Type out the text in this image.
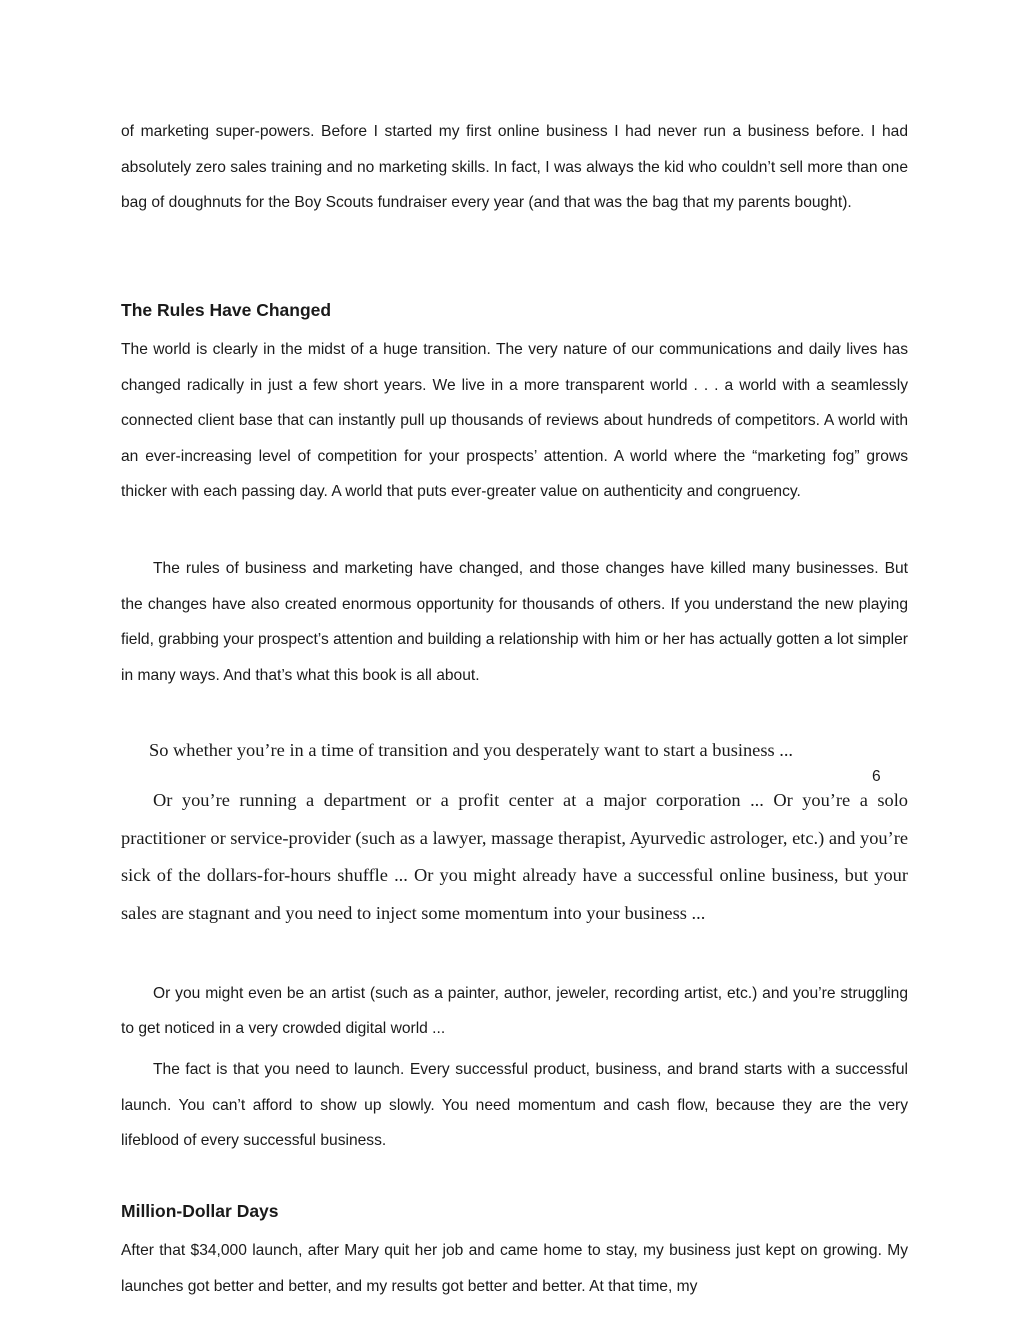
of marketing super-powers. Before I started my first online business I had never run a business before. I had absolutely zero sales training and no marketing skills. In fact, I was always the kid who couldn’t sell more than one bag of doughnuts for the Boy Scouts fundraiser every year (and that was the bag that my parents bought).

The Rules Have Changed

The world is clearly in the midst of a huge transition. The very nature of our communications and daily lives has changed radically in just a few short years. We live in a more transparent world . . . a world with a seamlessly connected client base that can instantly pull up thousands of reviews about hundreds of competitors. A world with an ever-increasing level of competition for your prospects’ attention. A world where the “marketing fog” grows thicker with each passing day. A world that puts ever-greater value on authenticity and congruency.

The rules of business and marketing have changed, and those changes have killed many businesses. But the changes have also created enormous opportunity for thousands of others. If you understand the new playing field, grabbing your prospect’s attention and building a relationship with him or her has actually gotten a lot simpler in many ways. And that’s what this book is all about.

So whether you’re in a time of transition and you desperately want to start a business ...

Or you’re running a department or a profit center at a major corporation ... Or you’re a solo practitioner or service-provider (such as a lawyer, massage therapist, Ayurvedic astrologer, etc.) and you’re sick of the dollars-for-hours shuffle ... Or you might already have a successful online business, but your sales are stagnant and you need to inject some momentum into your business ...

Or you might even be an artist (such as a painter, author, jeweler, recording artist, etc.) and you’re struggling to get noticed in a very crowded digital world ...

The fact is that you need to launch. Every successful product, business, and brand starts with a successful launch. You can’t afford to show up slowly. You need momentum and cash flow, because they are the very lifeblood of every successful business.

Million-Dollar Days

After that $34,000 launch, after Mary quit her job and came home to stay, my business just kept on growing. My launches got better and better, and my results got better and better. At that time, my

6
